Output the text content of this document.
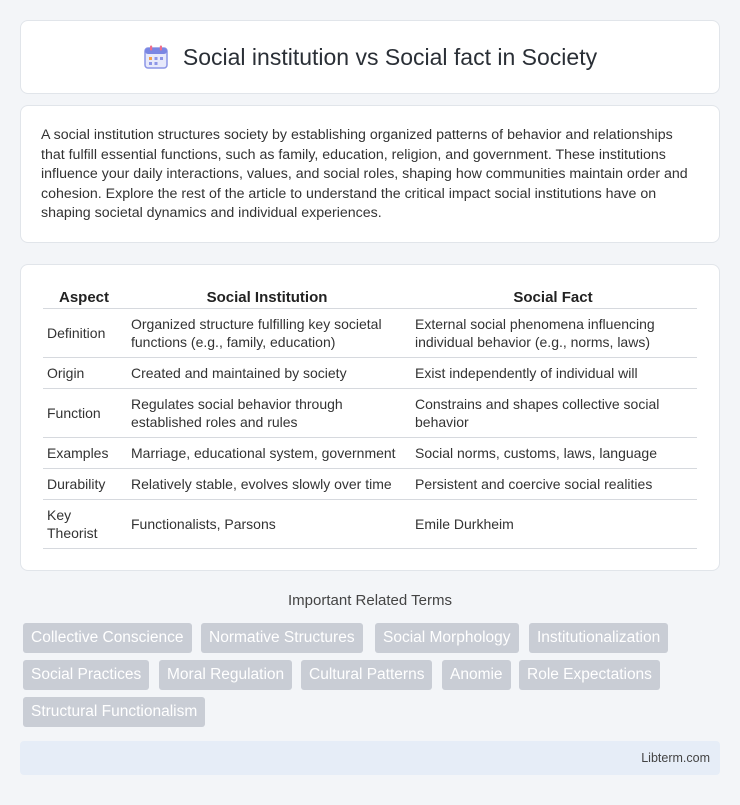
Social institution vs Social fact in Society

A social institution structures society by establishing organized patterns of behavior and relationships that fulfill essential functions, such as family, education, religion, and government. These institutions influence your daily interactions, values, and social roles, shaping how communities maintain order and cohesion. Explore the rest of the article to understand the critical impact social institutions have on shaping societal dynamics and individual experiences.

Aspect	Social Institution	Social Fact
Definition	Organized structure fulfilling key societal functions (e.g., family, education)	External social phenomena influencing individual behavior (e.g., norms, laws)
Origin	Created and maintained by society	Exist independently of individual will
Function	Regulates social behavior through established roles and rules	Constrains and shapes collective social behavior
Examples	Marriage, educational system, government	Social norms, customs, laws, language
Durability	Relatively stable, evolves slowly over time	Persistent and coercive social realities
Key Theorist	Functionalists, Parsons	Emile Durkheim
Important Related Terms
Collective Conscience	Normative Structures	Social Morphology	Institutionalization
Social Practices	Moral Regulation	Cultural Patterns	Anomie	Role Expectations
Structural Functionalism
Libterm.com
